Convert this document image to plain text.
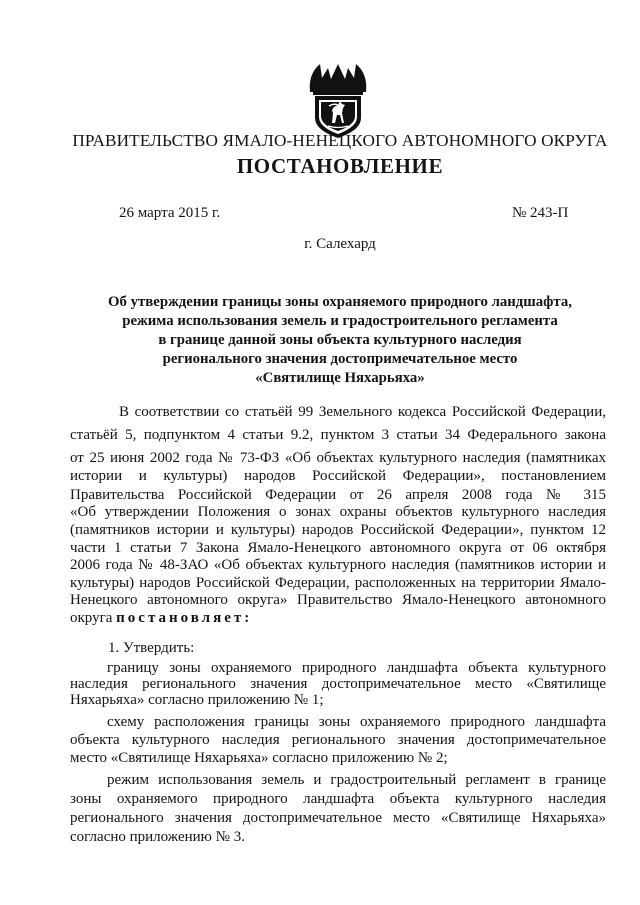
ПРАВИТЕЛЬСТВО ЯМАЛО-НЕНЕЦКОГО АВТОНОМНОГО ОКРУГА
ПОСТАНОВЛЕНИЕ
26 марта 2015 г.	№ 243-П
г. Салехард
Об утверждении границы зоны охраняемого природного ландшафта,
режима использования земель и градостроительного регламента
в границе данной зоны объекта культурного наследия
регионального значения достопримечательное место
«Святилище Няхарьяха»
В соответствии со статьёй 99 Земельного кодекса Российской Федерации,
статьёй 5, подпунктом 4 статьи 9.2, пунктом 3 статьи 34 Федерального закона
от 25 июня 2002 года № 73-ФЗ «Об объектах культурного наследия (памятниках
истории и культуры) народов Российской Федерации», постановлением
Правительства Российской Федерации от 26 апреля 2008 года № 315
«Об утверждении Положения о зонах охраны объектов культурного наследия
(памятников истории и культуры) народов Российской Федерации», пунктом 12
части 1 статьи 7 Закона Ямало-Ненецкого автономного округа от 06 октября
2006 года № 48-ЗАО «Об объектах культурного наследия (памятников истории и
культуры) народов Российской Федерации, расположенных на территории Ямало-
Ненецкого автономного округа» Правительство Ямало-Ненецкого автономного
округа постановляет:
1. Утвердить:
границу зоны охраняемого природного ландшафта объекта культурного
наследия регионального значения достопримечательное место «Святилище
Няхарьяха» согласно приложению № 1;
схему расположения границы зоны охраняемого природного ландшафта
объекта культурного наследия регионального значения достопримечательное
место «Святилище Няхарьяха» согласно приложению № 2;
режим использования земель и градостроительный регламент в границе
зоны охраняемого природного ландшафта объекта культурного наследия
регионального значения достопримечательное место «Святилище Няхарьяха»
согласно приложению № 3.
